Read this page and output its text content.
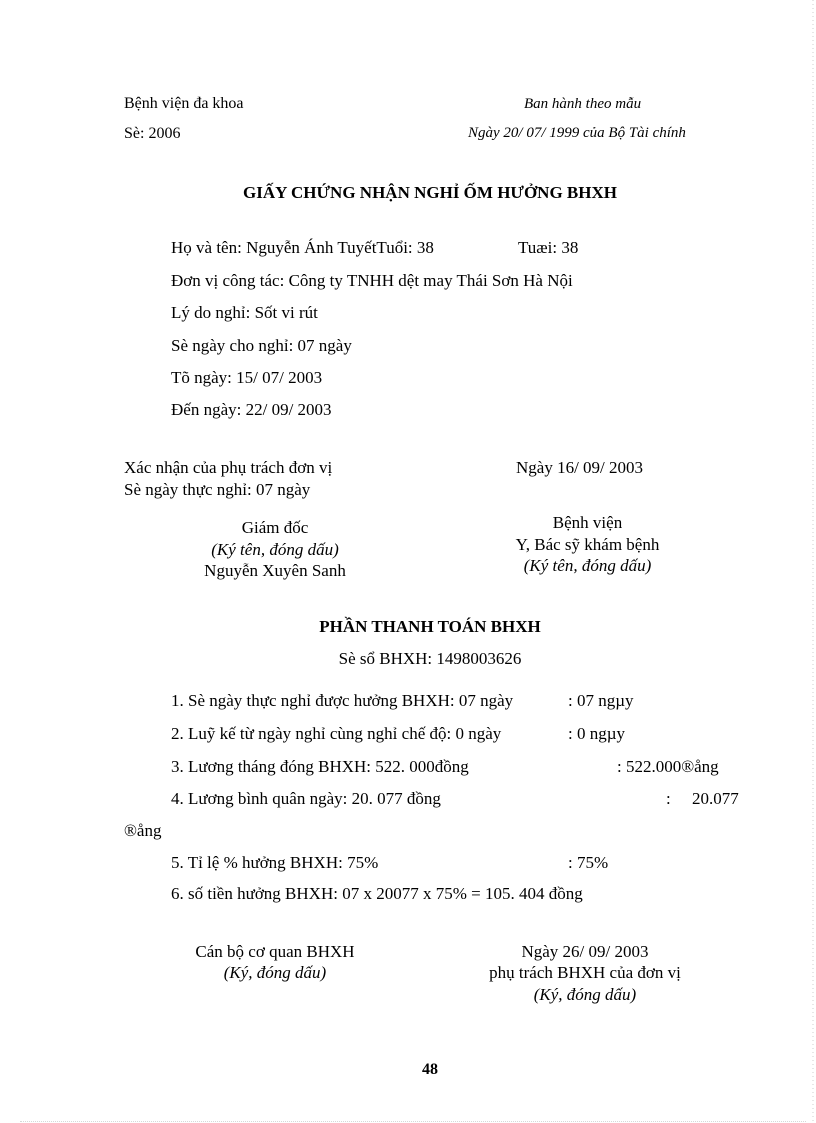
Bệnh viện đa khoa
Sè: 2006
Ban hành theo mẫu
Ngày 20/ 07/ 1999 của Bộ Tài chính
GIẤY CHỨNG NHẬN NGHỈ ỐM HƯỞNG BHXH
Họ và tên: Nguyễn Ánh TuyếtTuổi: 38	Tuæi: 38
Đơn vị công tác: Công ty TNHH dệt may Thái Sơn Hà Nội
Lý do nghỉ: Sốt vi rút
Sè ngày cho nghỉ: 07 ngày
Tõ ngày: 15/ 07/ 2003
Đến ngày: 22/ 09/ 2003
Xác nhận của phụ trách đơn vị
Sè ngày thực nghỉ: 07 ngày
Ngày 16/ 09/ 2003
Giám đốc
(Ký tên, đóng dấu)
Nguyễn Xuyên Sanh
Bệnh viện
Y, Bác sỹ khám bệnh
(Ký tên, đóng dấu)
PHẦN THANH TOÁN BHXH
Sè sổ BHXH: 1498003626
1. Sè ngày thực nghỉ được hưởng BHXH: 07 ngày	: 07 ngµy
2. Luỹ kế từ ngày nghỉ cùng nghỉ chế độ: 0 ngày	: 0 ngµy
3. Lương tháng đóng BHXH: 522. 000đồng	: 522.000®ång
4. Lương bình quân ngày: 20. 077 đồng	:     20.077
®ång
5. Tỉ lệ % hưởng BHXH: 75%	: 75%
6. số tiền hưởng BHXH: 07 x 20077 x 75% = 105. 404 đồng
Cán bộ cơ quan BHXH
(Ký, đóng dấu)
Ngày 26/ 09/ 2003
phụ trách BHXH của đơn vị
(Ký, đóng dấu)
48
